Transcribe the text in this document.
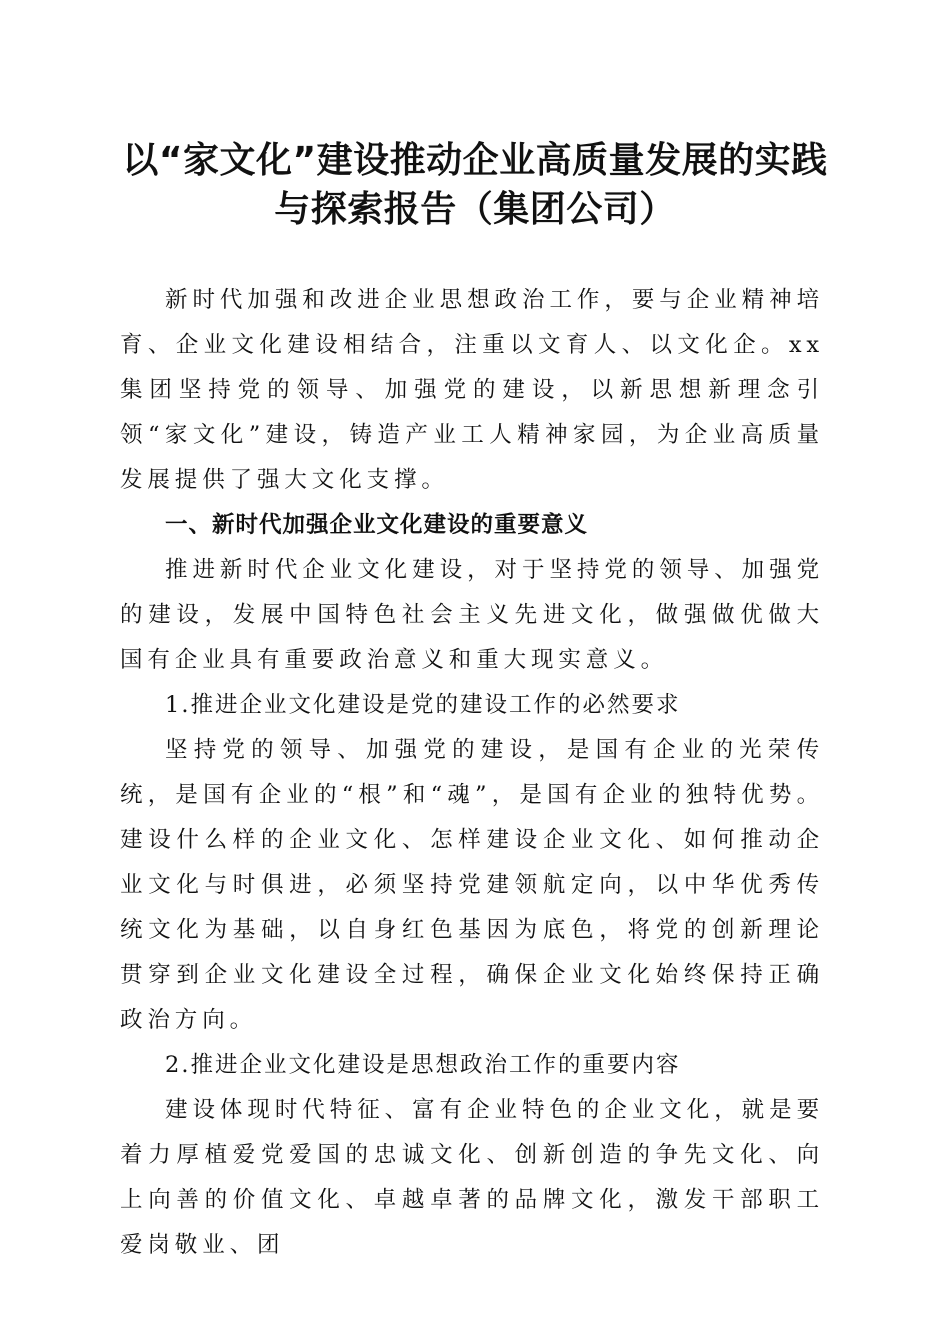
以“家文化”建设推动企业高质量发展的实践
与探索报告（集团公司）

新时代加强和改进企业思想政治工作，要与企业精神培育、企业文化建设相结合，注重以文育人、以文化企。xx集团坚持党的领导、加强党的建设，以新思想新理念引领“家文化”建设，铸造产业工人精神家园，为企业高质量发展提供了强大文化支撑。

一、新时代加强企业文化建设的重要意义

推进新时代企业文化建设，对于坚持党的领导、加强党的建设，发展中国特色社会主义先进文化，做强做优做大国有企业具有重要政治意义和重大现实意义。

1.推进企业文化建设是党的建设工作的必然要求

坚持党的领导、加强党的建设，是国有企业的光荣传统，是国有企业的“根”和“魂”，是国有企业的独特优势。建设什么样的企业文化、怎样建设企业文化、如何推动企业文化与时俱进，必须坚持党建领航定向，以中华优秀传统文化为基础，以自身红色基因为底色，将党的创新理论贯穿到企业文化建设全过程，确保企业文化始终保持正确政治方向。

2.推进企业文化建设是思想政治工作的重要内容

建设体现时代特征、富有企业特色的企业文化，就是要着力厚植爱党爱国的忠诚文化、创新创造的争先文化、向上向善的价值文化、卓越卓著的品牌文化，激发干部职工爱岗敬业、团
